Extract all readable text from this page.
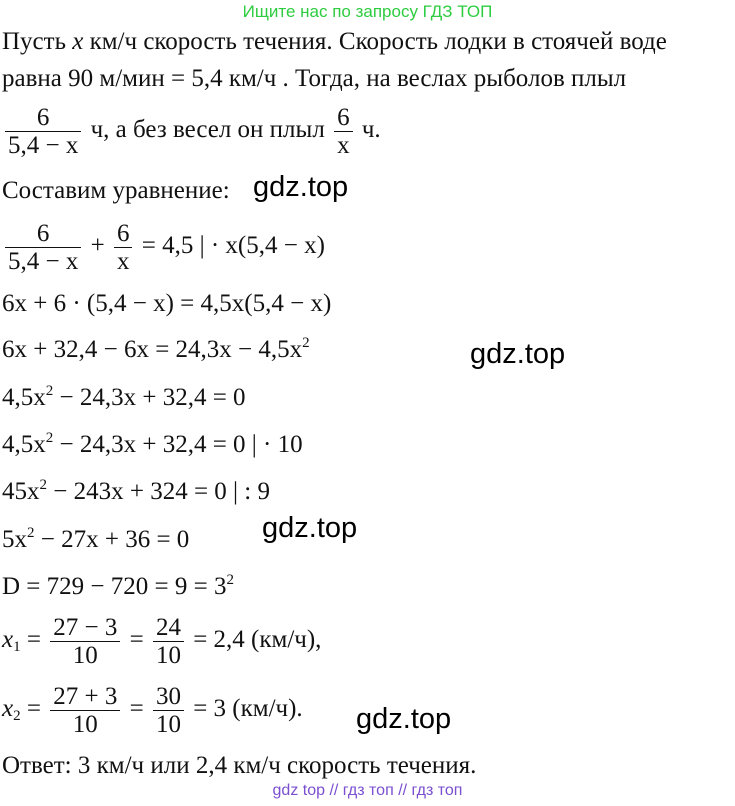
Ищите нас по запросу ГДЗ ТОП
Пусть x км/ч скорость течения. Скорость лодки в стоячей воде
равна 90 м/мин = 5,4 км/ч . Тогда, на веслах рыболов плыл
$\frac{6}{5,4 - x} ч$, а без весел он плыл $\frac{6}{x} ч$.
Составим уравнение: gdz.top
$\frac{6}{5,4 - x} + \frac{6}{x} = 4,5$ | · x(5,4 − x)
6x + 6 · (5,4 − x) = 4,5x(5,4 − x)
$6x + 32,4 - 6x = 24,3x - 4,5x^2$	gdz.top
$4,5x^2 - 24,3x + 32,4 = 0$
$4,5x^2 - 24,3x + 32,4 = 0$ | · 10
$45x^2 - 243x + 324 = 0$ | : 9
$5x^2 - 27x + 36 = 0$	gdz.top
$D = 729 - 720 = 9 = 3^2$
$x_1 = \frac{27 - 3}{10} = \frac{24}{10} = 2,4$ (км/ч),
$x_2 = \frac{27 + 3}{10} = \frac{30}{10} = 3$ (км/ч). gdz.top
Ответ: 3 км/ч или 2,4 км/ч скорость течения.
gdz top // гдз топ // гдз топ
